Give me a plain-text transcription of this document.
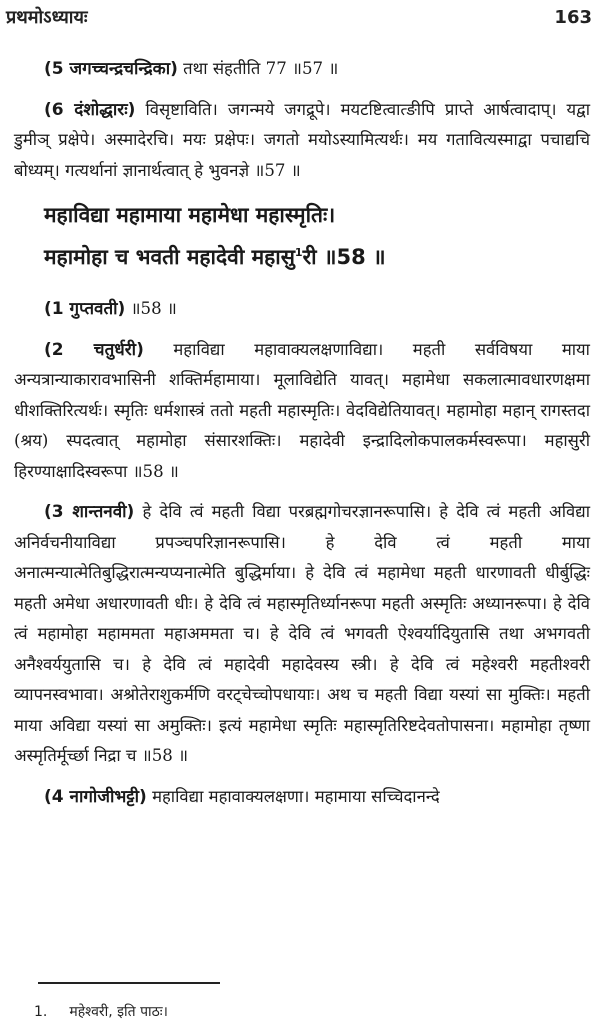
प्रथमोऽध्यायः	163

(5 जगच्चन्द्रचन्द्रिका) तथा संहतीति 77 ॥57 ॥

(6 दंशोद्धारः) विसृष्टाविति। जगन्मये जगद्रूपे। मयटष्टित्वात्ङीपि प्राप्ते आर्षत्वादाप्। यद्वा डुमीञ् प्रक्षेपे। अस्मादेरचि। मयः प्रक्षेपः। जगतो मयोऽस्यामित्यर्थः। मय गतावित्यस्माद्वा पचाद्यचि बोध्यम्। गत्यर्थानां ज्ञानार्थत्वात् हे भुवनज्ञे ॥57 ॥

महाविद्या महामाया महामेधा महास्मृतिः।
महामोहा च भवती महादेवी महासु$^1$री ॥58 ॥

(1 गुप्तवती) ॥58 ॥

(2 चतुर्धरी) महाविद्या महावाक्यलक्षणाविद्या। महती सर्वविषया माया अन्यत्रान्याकारावभासिनी शक्तिर्महामाया। मूलाविद्येति यावत्। महामेधा सकलात्मावधारणक्षमा धीशक्तिरित्यर्थः। स्मृतिः धर्मशास्त्रं ततो महती महास्मृतिः। वेदविद्येतियावत्। महामोहा महान् रागस्तदा (श्रय) स्पदत्वात् महामोहा संसारशक्तिः। महादेवी इन्द्रादिलोकपालकर्मस्वरूपा। महासुरी हिरण्याक्षादिस्वरूपा ॥58 ॥

(3 शान्तनवी) हे देवि त्वं महती विद्या परब्रह्मगोचरज्ञानरूपासि। हे देवि त्वं महती अविद्या अनिर्वचनीयाविद्या प्रपञ्चपरिज्ञानरूपासि। हे देवि त्वं महती माया अनात्मन्यात्मेतिबुद्धिरात्मन्यप्यनात्मेति बुद्धिर्माया। हे देवि त्वं महामेधा महती धारणावती धीर्बुद्धिः महती अमेधा अधारणावती धीः। हे देवि त्वं महास्मृतिर्ध्यानरूपा महती अस्मृतिः अध्यानरूपा। हे देवि त्वं महामोहा महाममता महाअममता च। हे देवि त्वं भगवती ऐश्वर्यादियुतासि तथा अभगवती अनैश्वर्ययुतासि च। हे देवि त्वं महादेवी महादेवस्य स्त्री। हे देवि त्वं महेश्वरी महतीश्वरी व्यापनस्वभावा। अश्रोतेराशुकर्मणि वरट्चेच्चोपधायाः। अथ च महती विद्या यस्यां सा मुक्तिः। महती माया अविद्या यस्यां सा अमुक्तिः। इत्यं महामेधा स्मृतिः महास्मृतिरिष्टदेवतोपासना। महामोहा तृष्णा अस्मृतिर्मूर्च्छा निद्रा च ॥58 ॥

(4 नागोजीभट्टी) महाविद्या महावाक्यलक्षणा। महामाया सच्चिदानन्दे

1. महेश्वरी, इति पाठः।
